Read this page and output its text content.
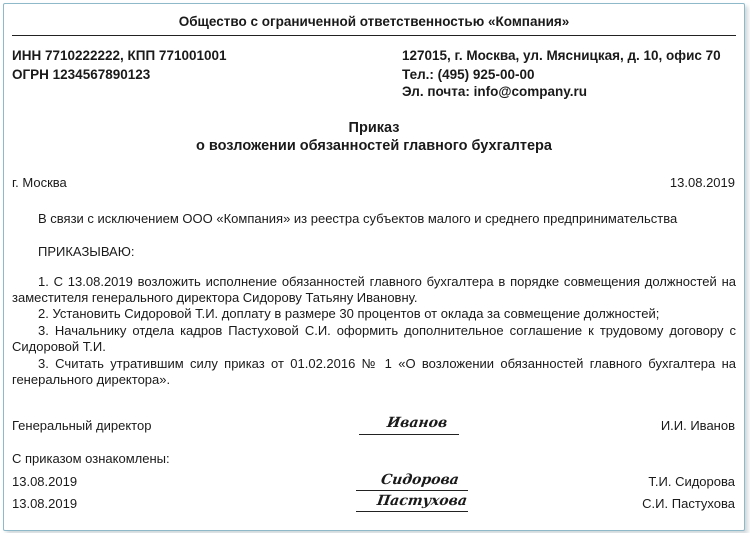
Общество с ограниченной ответственностью «Компания»
ИНН 7710222222, КПП 771001001
ОГРН 1234567890123
127015, г. Москва, ул. Мясницкая, д. 10, офис 70
Тел.: (495) 925-00-00
Эл. почта: info@company.ru
Приказ
о возложении обязанностей главного бухгалтера
г. Москва	13.08.2019
В связи с исключением ООО «Компания» из реестра субъектов малого и среднего предпринимательства
ПРИКАЗЫВАЮ:
1. С 13.08.2019 возложить исполнение обязанностей главного бухгалтера в порядке совмещения должностей на заместителя генерального директора Сидорову Татьяну Ивановну.
2. Установить Сидоровой Т.И. доплату в размере 30 процентов от оклада за совмещение должностей;
3. Начальнику отдела кадров Пастуховой С.И. оформить дополнительное соглашение к трудовому договору с Сидоровой Т.И.
3. Считать утратившим силу приказ от 01.02.2016 № 1 «О возложении обязанностей главного бухгалтера на генерального директора».
Генеральный директор	Иванов	И.И. Иванов
С приказом ознакомлены:
13.08.2019	Сидорова	Т.И. Сидорова
13.08.2019	Пастухова	С.И. Пастухова
